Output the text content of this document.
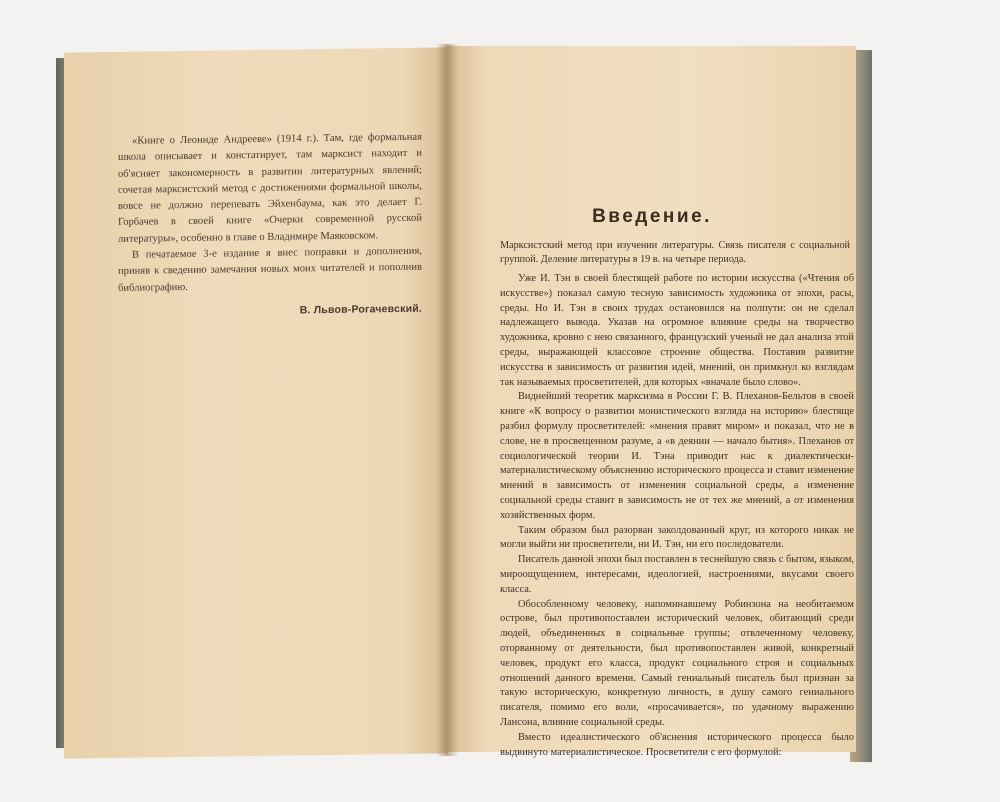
«Книге о Леониде Андрееве» (1914 г.). Там, где формальная школа описывает и констатирует, там марксист находит и об'ясняет закономерность в развитии литературных явлений; сочетая марксистский метод с достижениями формальной школы, вовсе не должно перепевать Эйхенбаума, как это делает Г. Горбачев в своей книге «Очерки современной русской литературы», особенно в главе о Владимире Маяковском.

В печатаемое 3-е издание я внес поправки и дополнения, приняв к сведению замечания новых моих читателей и пополнив библиографию.

В. Львов-Рогачевский.
Введение.
Марксистский метод при изучении литературы. Связь писателя с социальной группой. Деление литературы в 19 в. на четыре периода.

Уже И. Тэн в своей блестящей работе по истории искусства («Чтения об искусстве») показал самую тесную зависимость художника от эпохи, расы, среды. Но И. Тэн в своих трудах остановился на полпути: он не сделал надлежащего вывода. Указав на огромное влияние среды на творчество художника, кровно с нею связанного, французский ученый не дал анализа этой среды, выражающей классовое строение общества. Поставив развитие искусства в зависимость от развития идей, мнений, он примкнул ко взглядам так называемых просветителей, для которых «вначале было слово».

Виднейший теоретик марксизма в России Г. В. Плеханов-Бельтов в своей книге «К вопросу о развитии монистического взгляда на историю» блестяще разбил формулу просветителей: «мнения правят миром» и показал, что не в слове, не в просвещенном разуме, а «в деянии — начало бытия». Плеханов от социологической теории И. Тэна приводит нас к диалектически-материалистическому объяснению исторического процесса и ставит изменение мнений в зависимость от изменения социальной среды, а изменение социальной среды ставит в зависимость не от тех же мнений, а от изменения хозяйственных форм.

Таким образом был разорван заколдованный круг, из которого никак не могли выйти ни просветители, ни И. Тэн, ни его последователи.

Писатель данной эпохи был поставлен в теснейшую связь с бытом, языком, мироощущением, интересами, идеологией, настроениями, вкусами своего класса.

Обособленному человеку, напоминавшему Робинзона на необитаемом острове, был противопоставлен исторический человек, обитающий среди людей, объединенных в социальные группы; отвлеченному человеку, оторванному от деятельности, был противопоставлен живой, конкретный человек, продукт его класса, продукт социального строя и социальных отношений данного времени. Самый гениальный писатель был признан за такую историческую, конкретную личность, в душу самого гениального писателя, помимо его воли, «просачивается», по удачному выражению Лансона, влияние социальной среды.

Вместо идеалистического об'яснения исторического процесса было выдвинуто материалистическое. Просветители с его формулой:
